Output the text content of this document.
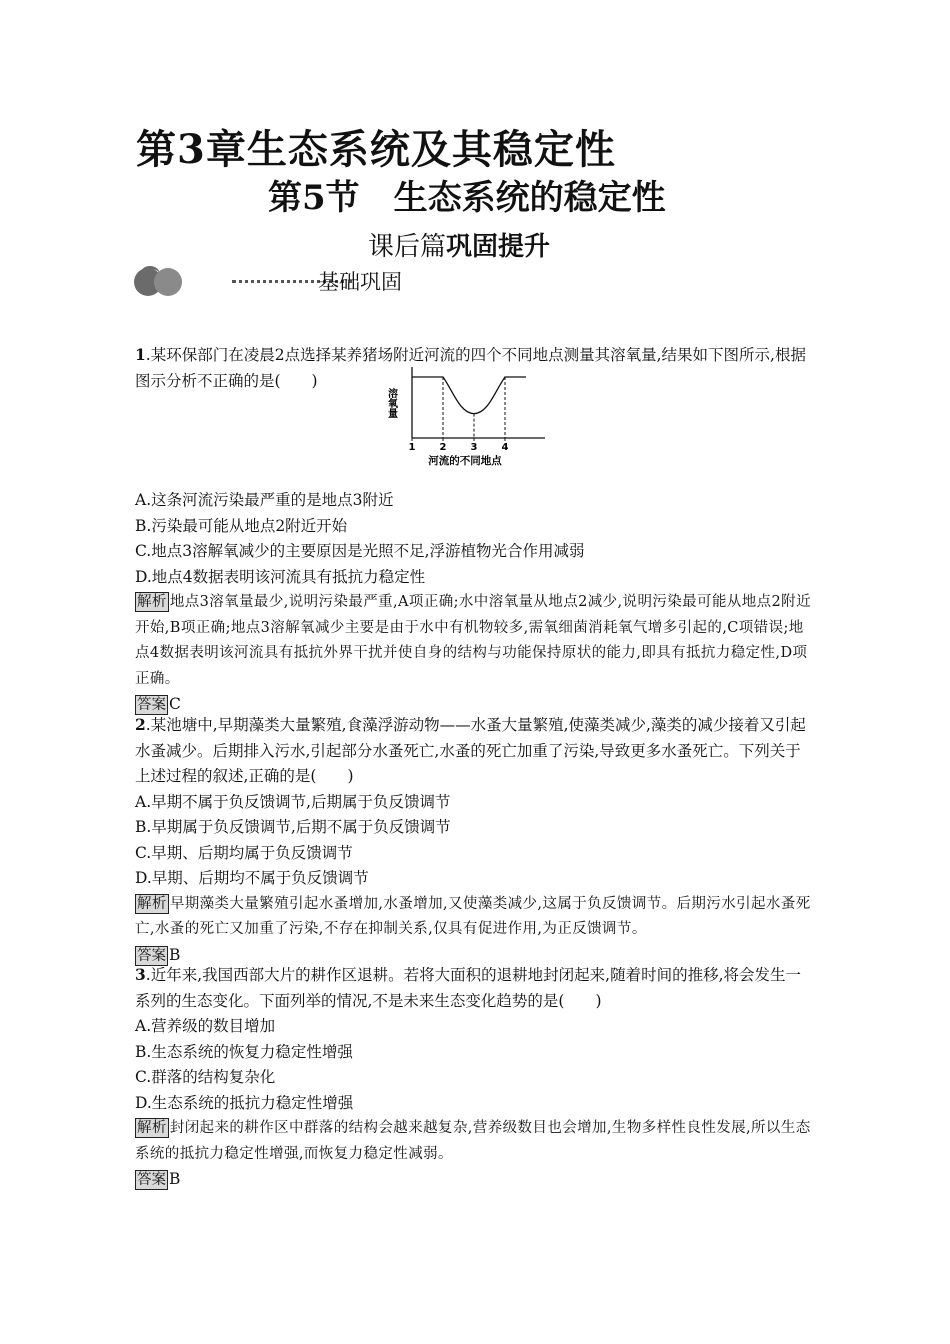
第3章生态系统及其稳定性
第5节　生态系统的稳定性
课后篇巩固提升
基础巩固

1.某环保部门在凌晨2点选择某养猪场附近河流的四个不同地点测量其溶氧量,结果如下图所示,根据图示分析不正确的是(　　)

溶氧量
1 2 3 4
河流的不同地点

A.这条河流污染最严重的是地点3附近

B.污染最可能从地点2附近开始

C.地点3溶解氧减少的主要原因是光照不足,浮游植物光合作用减弱

D.地点4数据表明该河流具有抵抗力稳定性

解析 地点3溶氧量最少,说明污染最严重,A项正确;水中溶氧量从地点2减少,说明污染最可能从地点2附近开始,B项正确;地点3溶解氧减少主要是由于水中有机物较多,需氧细菌消耗氧气增多引起的,C项错误;地点4数据表明该河流具有抵抗外界干扰并使自身的结构与功能保持原状的能力,即具有抵抗力稳定性,D项正确。

答案 C

2.某池塘中,早期藻类大量繁殖,食藻浮游动物——水蚤大量繁殖,使藻类减少,藻类的减少接着又引起水蚤减少。后期排入污水,引起部分水蚤死亡,水蚤的死亡加重了污染,导致更多水蚤死亡。下列关于上述过程的叙述,正确的是(　　)

A.早期不属于负反馈调节,后期属于负反馈调节

B.早期属于负反馈调节,后期不属于负反馈调节

C.早期、后期均属于负反馈调节

D.早期、后期均不属于负反馈调节

解析 早期藻类大量繁殖引起水蚤增加,水蚤增加,又使藻类减少,这属于负反馈调节。后期污水引起水蚤死亡,水蚤的死亡又加重了污染,不存在抑制关系,仅具有促进作用,为正反馈调节。

答案 B

3.近年来,我国西部大片的耕作区退耕。若将大面积的退耕地封闭起来,随着时间的推移,将会发生一系列的生态变化。下面列举的情况,不是未来生态变化趋势的是(　　)

A.营养级的数目增加

B.生态系统的恢复力稳定性增强

C.群落的结构复杂化

D.生态系统的抵抗力稳定性增强

解析 封闭起来的耕作区中群落的结构会越来越复杂,营养级数目也会增加,生物多样性良性发展,所以生态系统的抵抗力稳定性增强,而恢复力稳定性减弱。

答案 B
